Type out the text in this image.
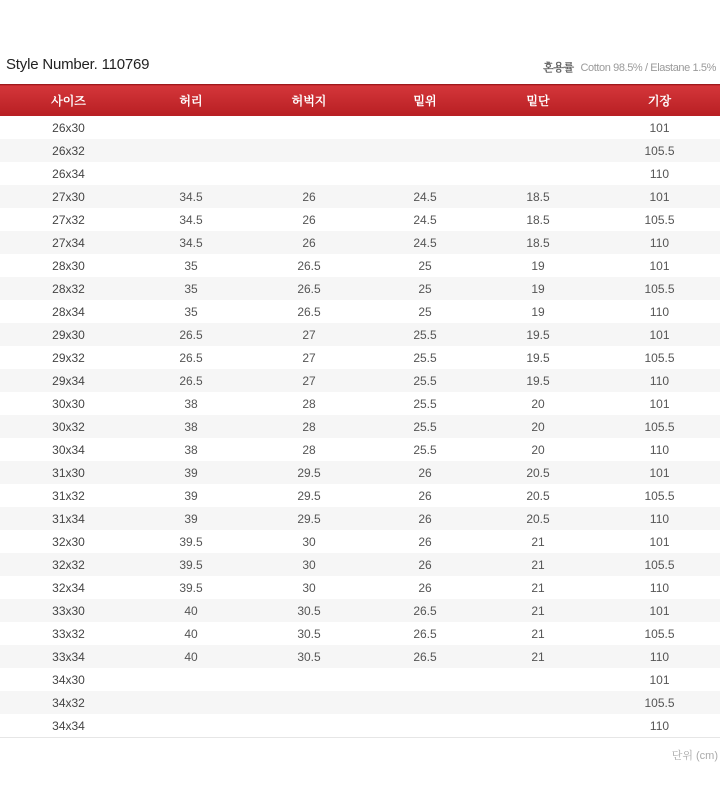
Style Number. 110769	혼용률 Cotton 98.5% / Elastane 1.5%
사이즈	허리	허벅지	밑위	밑단	기장
26x30					101
26x32					105.5
26x34					110
27x30	34.5	26	24.5	18.5	101
27x32	34.5	26	24.5	18.5	105.5
27x34	34.5	26	24.5	18.5	110
28x30	35	26.5	25	19	101
28x32	35	26.5	25	19	105.5
28x34	35	26.5	25	19	110
29x30	26.5	27	25.5	19.5	101
29x32	26.5	27	25.5	19.5	105.5
29x34	26.5	27	25.5	19.5	110
30x30	38	28	25.5	20	101
30x32	38	28	25.5	20	105.5
30x34	38	28	25.5	20	110
31x30	39	29.5	26	20.5	101
31x32	39	29.5	26	20.5	105.5
31x34	39	29.5	26	20.5	110
32x30	39.5	30	26	21	101
32x32	39.5	30	26	21	105.5
32x34	39.5	30	26	21	110
33x30	40	30.5	26.5	21	101
33x32	40	30.5	26.5	21	105.5
33x34	40	30.5	26.5	21	110
34x30					101
34x32					105.5
34x34					110
단위 (cm)
